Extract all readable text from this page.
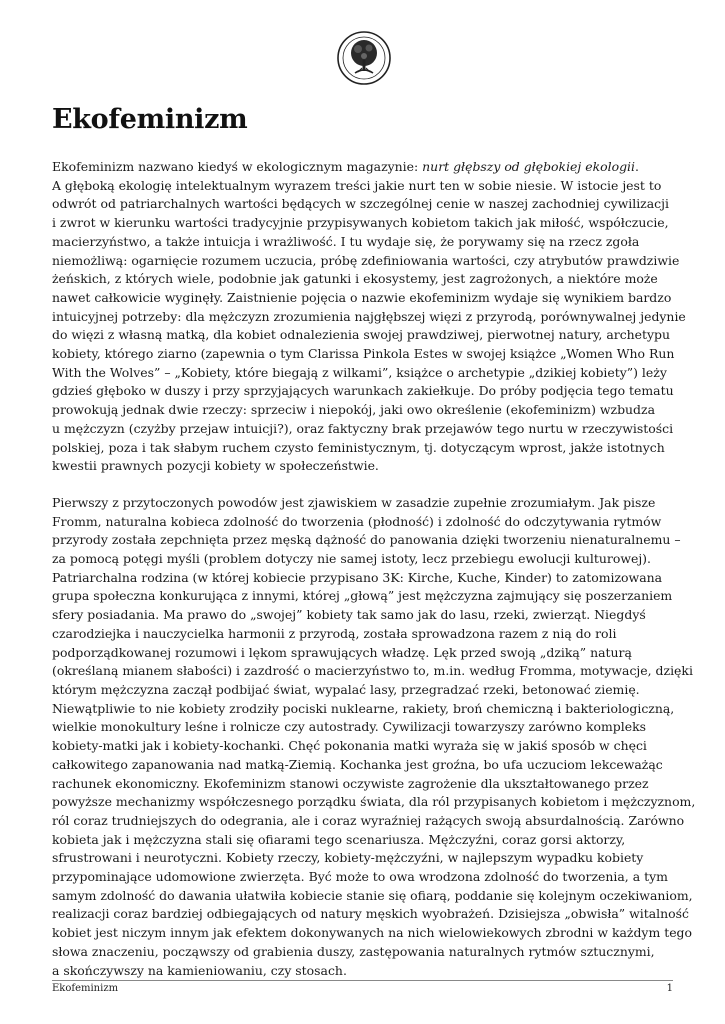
Ekofeminizm

Ekofeminizm nazwano kiedyś w ekologicznym magazynie: nurt głębszy od głębokiej ekologii.
A głęboką ekologię intelektualnym wyrazem treści jakie nurt ten w sobie niesie. W istocie jest to
odwrót od patriarchalnych wartości będących w szczególnej cenie w naszej zachodniej cywilizacji
i zwrot w kierunku wartości tradycyjnie przypisywanych kobietom takich jak miłość, współczucie,
macierzyństwo, a także intuicja i wrażliwość. I tu wydaje się, że porywamy się na rzecz zgoła
niemożliwą: ogarnięcie rozumem uczucia, próbę zdefiniowania wartości, czy atrybutów prawdziwie
żeńskich, z których wiele, podobnie jak gatunki i ekosystemy, jest zagrożonych, a niektóre może
nawet całkowicie wyginęły. Zaistnienie pojęcia o nazwie ekofeminizm wydaje się wynikiem bardzo
intuicyjnej potrzeby: dla mężczyzn zrozumienia najgłębszej więzi z przyrodą, porównywalnej jedynie
do więzi z własną matką, dla kobiet odnalezienia swojej prawdziwej, pierwotnej natury, archetypu
kobiety, którego ziarno (zapewnia o tym Clarissa Pinkola Estes w swojej książce „Women Who Run
With the Wolves” – „Kobiety, które biegają z wilkami”, książce o archetypie „dzikiej kobiety”) leży
gdzieś głęboko w duszy i przy sprzyjających warunkach zakiełkuje. Do próby podjęcia tego tematu
prowokują jednak dwie rzeczy: sprzeciw i niepokój, jaki owo określenie (ekofeminizm) wzbudza
u mężczyzn (czyżby przejaw intuicji?), oraz faktyczny brak przejawów tego nurtu w rzeczywistości
polskiej, poza i tak słabym ruchem czysto feministycznym, tj. dotyczącym wprost, jakże istotnych
kwestii prawnych pozycji kobiety w społeczeństwie.

Pierwszy z przytoczonych powodów jest zjawiskiem w zasadzie zupełnie zrozumiałym. Jak pisze
Fromm, naturalna kobieca zdolność do tworzenia (płodność) i zdolność do odczytywania rytmów
przyrody została zepchnięta przez męską dążność do panowania dzięki tworzeniu nienaturalnemu –
za pomocą potęgi myśli (problem dotyczy nie samej istoty, lecz przebiegu ewolucji kulturowej).
Patriarchalna rodzina (w której kobiecie przypisano 3K: Kirche, Kuche, Kinder) to zatomizowana
grupa społeczna konkurująca z innymi, której „głową” jest mężczyzna zajmujący się poszerzaniem
sfery posiadania. Ma prawo do „swojej” kobiety tak samo jak do lasu, rzeki, zwierząt. Niegdyś
czarodziejka i nauczycielka harmonii z przyrodą, została sprowadzona razem z nią do roli
podporządkowanej rozumowi i lękom sprawujących władzę. Lęk przed swoją „dziką” naturą
(określaną mianem słabości) i zazdrość o macierzyństwo to, m.in. według Fromma, motywacje, dzięki
którym mężczyzna zaczął podbijać świat, wypalać lasy, przegradzać rzeki, betonować ziemię.
Niewątpliwie to nie kobiety zrodziły pociski nuklearne, rakiety, broń chemiczną i bakteriologiczną,
wielkie monokultury leśne i rolnicze czy autostrady. Cywilizacji towarzyszy zarówno kompleks
kobiety-matki jak i kobiety-kochanki. Chęć pokonania matki wyraża się w jakiś sposób w chęci
całkowitego zapanowania nad matką-Ziemią. Kochanka jest groźna, bo ufa uczuciom lekceważąc
rachunek ekonomiczny. Ekofeminizm stanowi oczywiste zagrożenie dla ukształtowanego przez
powyższe mechanizmy współczesnego porządku świata, dla ról przypisanych kobietom i mężczyznom,
ról coraz trudniejszych do odegrania, ale i coraz wyraźniej rażących swoją absurdalnością. Zarówno
kobieta jak i mężczyzna stali się ofiarami tego scenariusza. Mężczyźni, coraz gorsi aktorzy,
sfrustrowani i neurotyczni. Kobiety rzeczy, kobiety-mężczyźni, w najlepszym wypadku kobiety
przypominające udomowione zwierzęta. Być może to owa wrodzona zdolność do tworzenia, a tym
samym zdolność do dawania ułatwiła kobiecie stanie się ofiarą, poddanie się kolejnym oczekiwaniom,
realizacji coraz bardziej odbiegających od natury męskich wyobrażeń. Dzisiejsza „obwisła” witalność
kobiet jest niczym innym jak efektem dokonywanych na nich wielowiekowych zbrodni w każdym tego
słowa znaczeniu, począwszy od grabienia duszy, zastępowania naturalnych rytmów sztucznymi,
a skończywszy na kamieniowaniu, czy stosach.

Ekofeminizm	1
